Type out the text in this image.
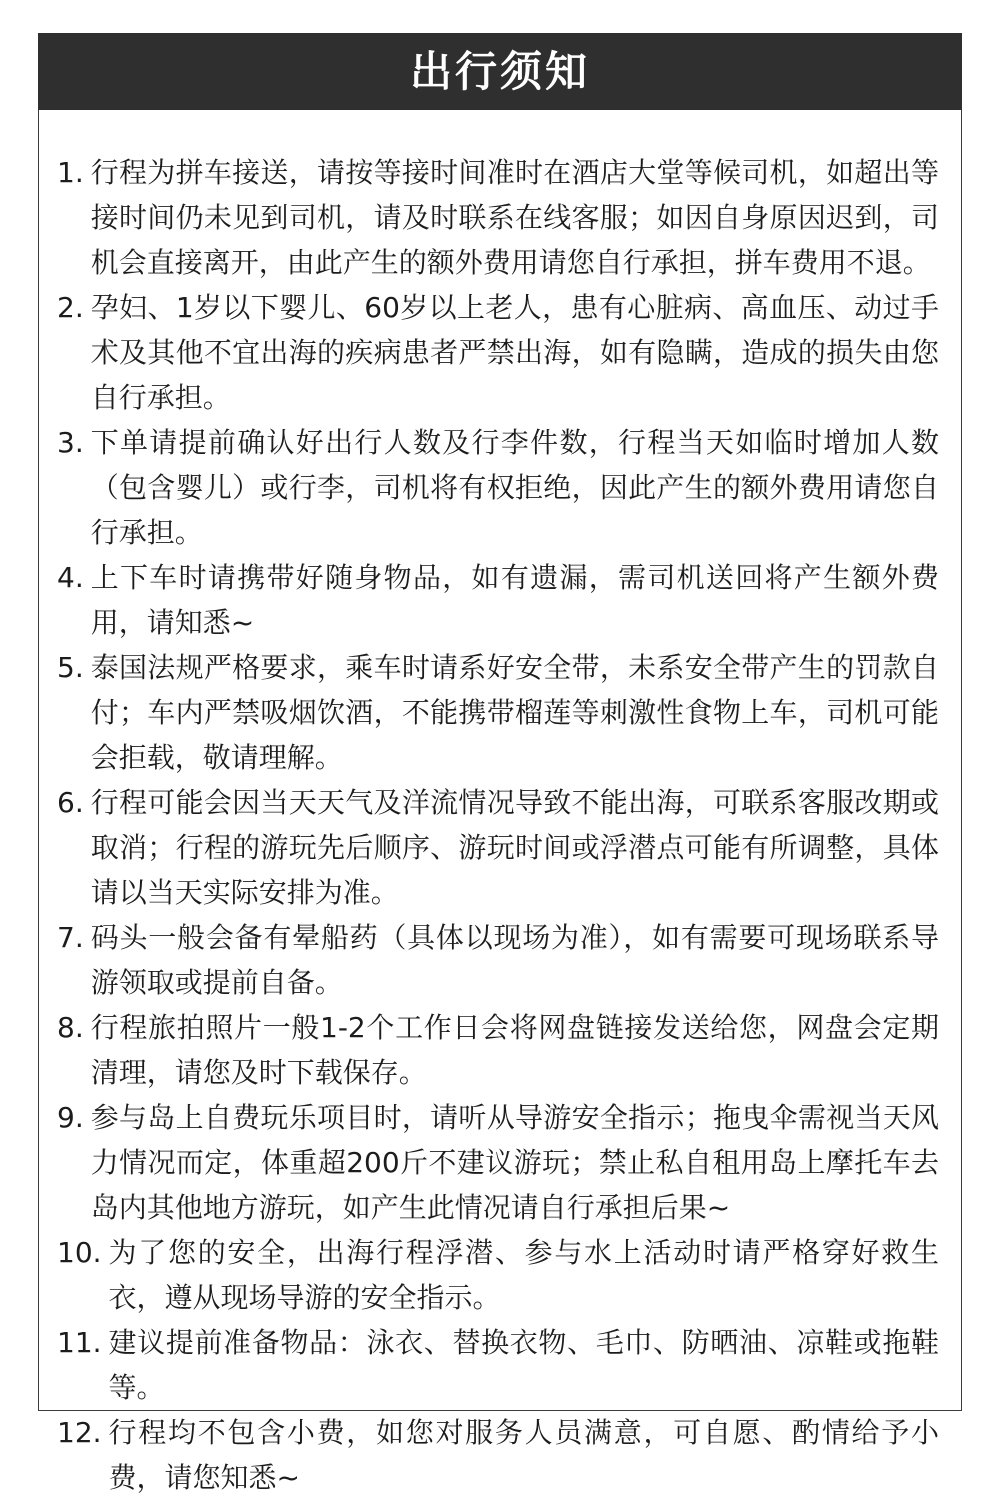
出行须知
1. 行程为拼车接送，请按等接时间准时在酒店大堂等候司机，如超出等接时间仍未见到司机，请及时联系在线客服；如因自身原因迟到，司机会直接离开，由此产生的额外费用请您自行承担，拼车费用不退。
2. 孕妇、1岁以下婴儿、60岁以上老人，患有心脏病、高血压、动过手术及其他不宜出海的疾病患者严禁出海，如有隐瞒，造成的损失由您自行承担。
3. 下单请提前确认好出行人数及行李件数，行程当天如临时增加人数（包含婴儿）或行李，司机将有权拒绝，因此产生的额外费用请您自行承担。
4. 上下车时请携带好随身物品，如有遗漏，需司机送回将产生额外费用，请知悉~
5. 泰国法规严格要求，乘车时请系好安全带，未系安全带产生的罚款自付；车内严禁吸烟饮酒，不能携带榴莲等刺激性食物上车，司机可能会拒载，敬请理解。
6. 行程可能会因当天天气及洋流情况导致不能出海，可联系客服改期或取消；行程的游玩先后顺序、游玩时间或浮潜点可能有所调整，具体请以当天实际安排为准。
7. 码头一般会备有晕船药（具体以现场为准），如有需要可现场联系导游领取或提前自备。
8. 行程旅拍照片一般1-2个工作日会将网盘链接发送给您，网盘会定期清理，请您及时下载保存。
9. 参与岛上自费玩乐项目时，请听从导游安全指示；拖曳伞需视当天风力情况而定，体重超200斤不建议游玩；禁止私自租用岛上摩托车去岛内其他地方游玩，如产生此情况请自行承担后果~
10. 为了您的安全，出海行程浮潜、参与水上活动时请严格穿好救生衣，遵从现场导游的安全指示。
11. 建议提前准备物品：泳衣、替换衣物、毛巾、防晒油、凉鞋或拖鞋等。
12. 行程均不包含小费，如您对服务人员满意，可自愿、酌情给予小费，请您知悉~
